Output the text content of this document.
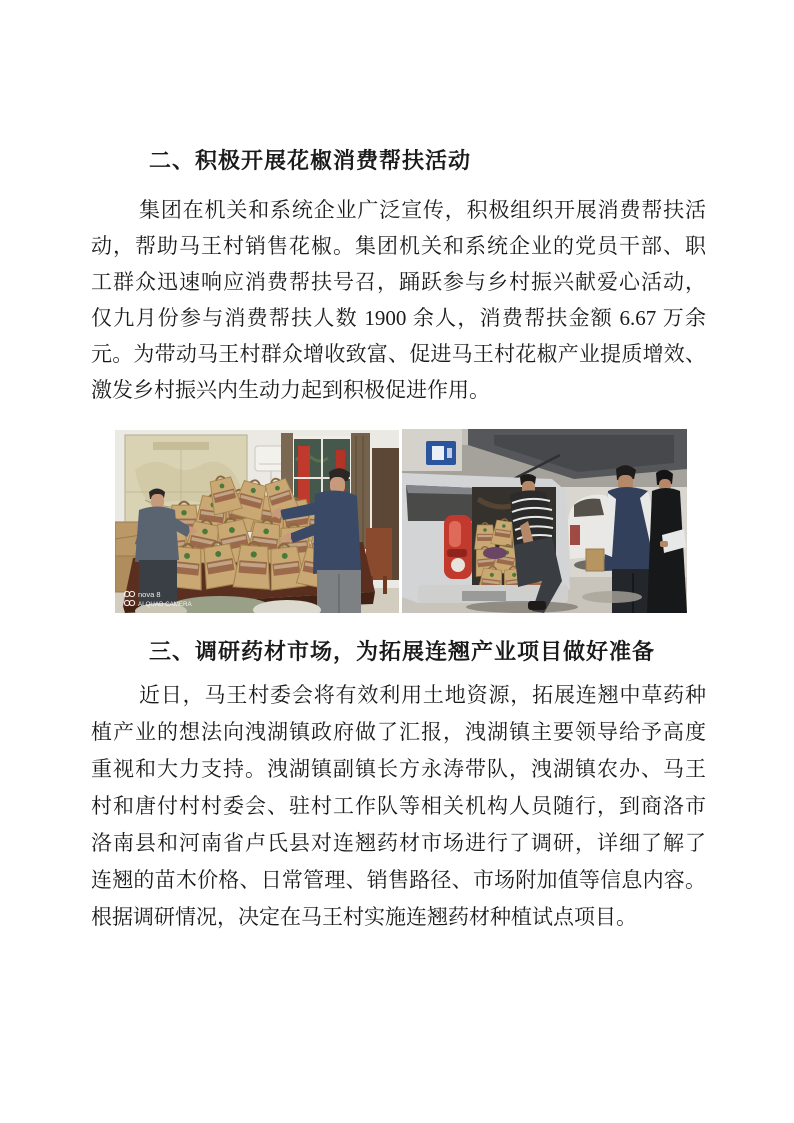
二、积极开展花椒消费帮扶活动
集团在机关和系统企业广泛宣传，积极组织开展消费帮扶活
动，帮助马王村销售花椒。集团机关和系统企业的党员干部、职
工群众迅速响应消费帮扶号召，踊跃参与乡村振兴献爱心活动，
仅九月份参与消费帮扶人数 1900 余人，消费帮扶金额 6.67 万余
元。为带动马王村群众增收致富、促进马王村花椒产业提质增效、
激发乡村振兴内生动力起到积极促进作用。
nova 8
AI QUAD CAMERA
三、调研药材市场，为拓展连翘产业项目做好准备
近日，马王村委会将有效利用土地资源，拓展连翘中草药种
植产业的想法向洩湖镇政府做了汇报，洩湖镇主要领导给予高度
重视和大力支持。洩湖镇副镇长方永涛带队，洩湖镇农办、马王
村和唐付村村委会、驻村工作队等相关机构人员随行，到商洛市
洛南县和河南省卢氏县对连翘药材市场进行了调研，详细了解了
连翘的苗木价格、日常管理、销售路径、市场附加值等信息内容。
根据调研情况，决定在马王村实施连翘药材种植试点项目。
